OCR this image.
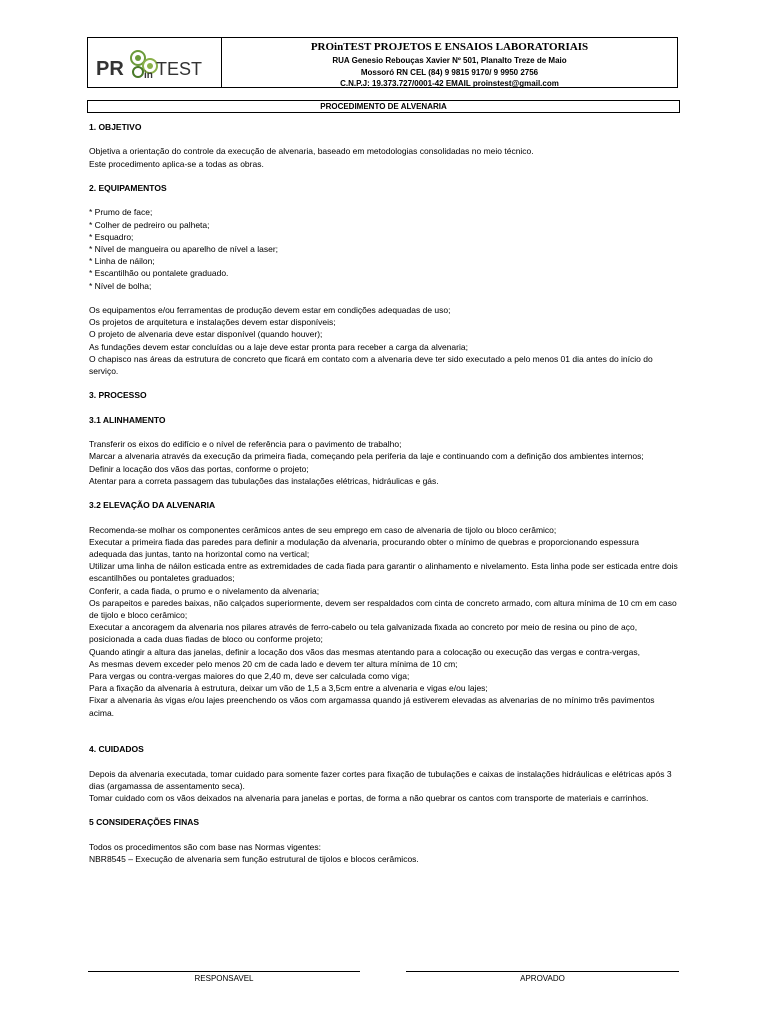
PR in TEST
PROinTEST PROJETOS E ENSAIOS LABORATORIAIS
RUA Genesio Rebouças Xavier Nº 501, Planalto Treze de Maio
Mossoró RN CEL (84) 9 9815 9170/ 9 9950 2756
C.N.P.J: 19.373.727/0001-42 EMAIL proinstest@gmail.com
PROCEDIMENTO DE ALVENARIA

1. OBJETIVO

Objetiva a orientação do controle da execução de alvenaria, baseado em metodologias consolidadas no meio técnico.

Este procedimento aplica-se a todas as obras.

2. EQUIPAMENTOS

* Prumo de face;

* Colher de pedreiro ou palheta;

* Esquadro;

* Nível de mangueira ou aparelho de nível a laser;

* Linha de náilon;

* Escantilhão ou pontalete graduado.

* Nível de bolha;

Os equipamentos e/ou ferramentas de produção devem estar em condições adequadas de uso;

Os projetos de arquitetura e instalações devem estar disponíveis;

O projeto de alvenaria deve estar disponível (quando houver);

As fundações devem estar concluídas ou a laje deve estar pronta para receber a carga da alvenaria;

O chapisco nas áreas da estrutura de concreto que ficará em contato com a alvenaria deve ter sido executado a pelo menos 01 dia antes do início do serviço.

3. PROCESSO

3.1 ALINHAMENTO

Transferir os eixos do edifício e o nível de referência para o pavimento de trabalho;

Marcar a alvenaria através da execução da primeira fiada, começando pela periferia da laje e continuando com a definição dos ambientes internos;

Definir a locação dos vãos das portas, conforme o projeto;

Atentar para a correta passagem das tubulações das instalações elétricas, hidráulicas e gás.

3.2 ELEVAÇÃO DA ALVENARIA

Recomenda-se molhar os componentes cerâmicos antes de seu emprego em caso de alvenaria de tijolo ou bloco cerâmico;

Executar a primeira fiada das paredes para definir a modulação da alvenaria, procurando obter o mínimo de quebras e proporcionando espessura adequada das juntas, tanto na horizontal como na vertical;

Utilizar uma linha de náilon esticada entre as extremidades de cada fiada para garantir o alinhamento e nivelamento. Esta linha pode ser esticada entre dois escantilhões ou pontaletes graduados;

Conferir, a cada fiada, o prumo e o nivelamento da alvenaria;

Os parapeitos e paredes baixas, não calçados superiormente, devem ser respaldados com cinta de concreto armado, com altura mínima de 10 cm em caso de tijolo e bloco cerâmico;

Executar a ancoragem da alvenaria nos pilares através de ferro-cabelo ou tela galvanizada fixada ao concreto por meio de resina ou pino de aço, posicionada a cada duas fiadas de bloco ou conforme projeto;

Quando atingir a altura das janelas, definir a locação dos vãos das mesmas atentando para a colocação ou execução das vergas e contra-vergas,

As mesmas devem exceder pelo menos 20 cm de cada lado e devem ter altura mínima de 10 cm;

Para vergas ou contra-vergas maiores do que 2,40 m, deve ser calculada como viga;

Para a fixação da alvenaria à estrutura, deixar um vão de 1,5 a 3,5cm entre a alvenaria e vigas e/ou lajes;

Fixar a alvenaria às vigas e/ou lajes preenchendo os vãos com argamassa quando já estiverem elevadas as alvenarias de no mínimo três pavimentos acima.

4. CUIDADOS

Depois da alvenaria executada, tomar cuidado para somente fazer cortes para fixação de tubulações e caixas de instalações hidráulicas e elétricas após 3 dias (argamassa de assentamento seca).

Tomar cuidado com os vãos deixados na alvenaria para janelas e portas, de forma a não quebrar os cantos com transporte de materiais e carrinhos.

5 CONSIDERAÇÕES FINAS

Todos os procedimentos são com base nas Normas vigentes:

NBR8545 – Execução de alvenaria sem função estrutural de tijolos e blocos cerâmicos.

RESPONSAVEL	APROVADO
